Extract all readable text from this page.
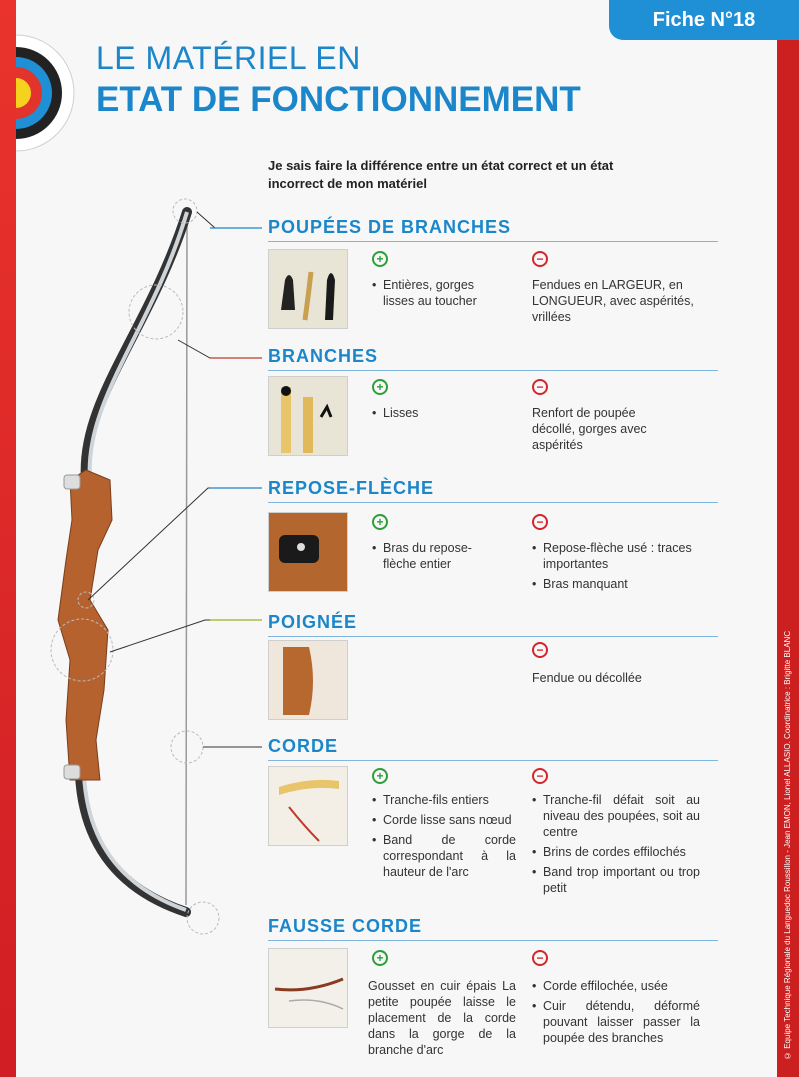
© Equipe Technique Régionale du Languedoc Roussillon - Jean EMON, Lionel ALLASIO. Coordinatrice : Brigitte BLANC
Fiche N°18
LE MATÉRIEL EN
ETAT DE FONCTIONNEMENT
Je sais faire la différence entre un état correct et un état incorrect de mon matériel
POUPÉES DE BRANCHES
+
• Entières, gorges lisses au toucher
−

Fendues en LARGEUR, en LONGUEUR, avec aspérités, vrillées

BRANCHES
+
• Lisses
−

Renfort de poupée décollé, gorges avec aspérités

REPOSE-FLÈCHE
+
• Bras du repose-flèche entier
−
• Repose-flèche usé : traces importantes
• Bras manquant
POIGNÉE
−

Fendue ou décollée

CORDE
+
• Tranche-fils entiers
• Corde lisse sans nœud
• Band de corde correspondant à la hauteur de l'arc
−
• Tranche-fil défait soit au niveau des poupées, soit au centre
• Brins de cordes effilochés
• Band trop important ou trop petit
FAUSSE CORDE
+

Gousset en cuir épais La petite poupée laisse le placement de la corde dans la gorge de la branche d'arc

−
• Corde effilochée, usée
• Cuir détendu, déformé pouvant laisser passer la poupée des branches
